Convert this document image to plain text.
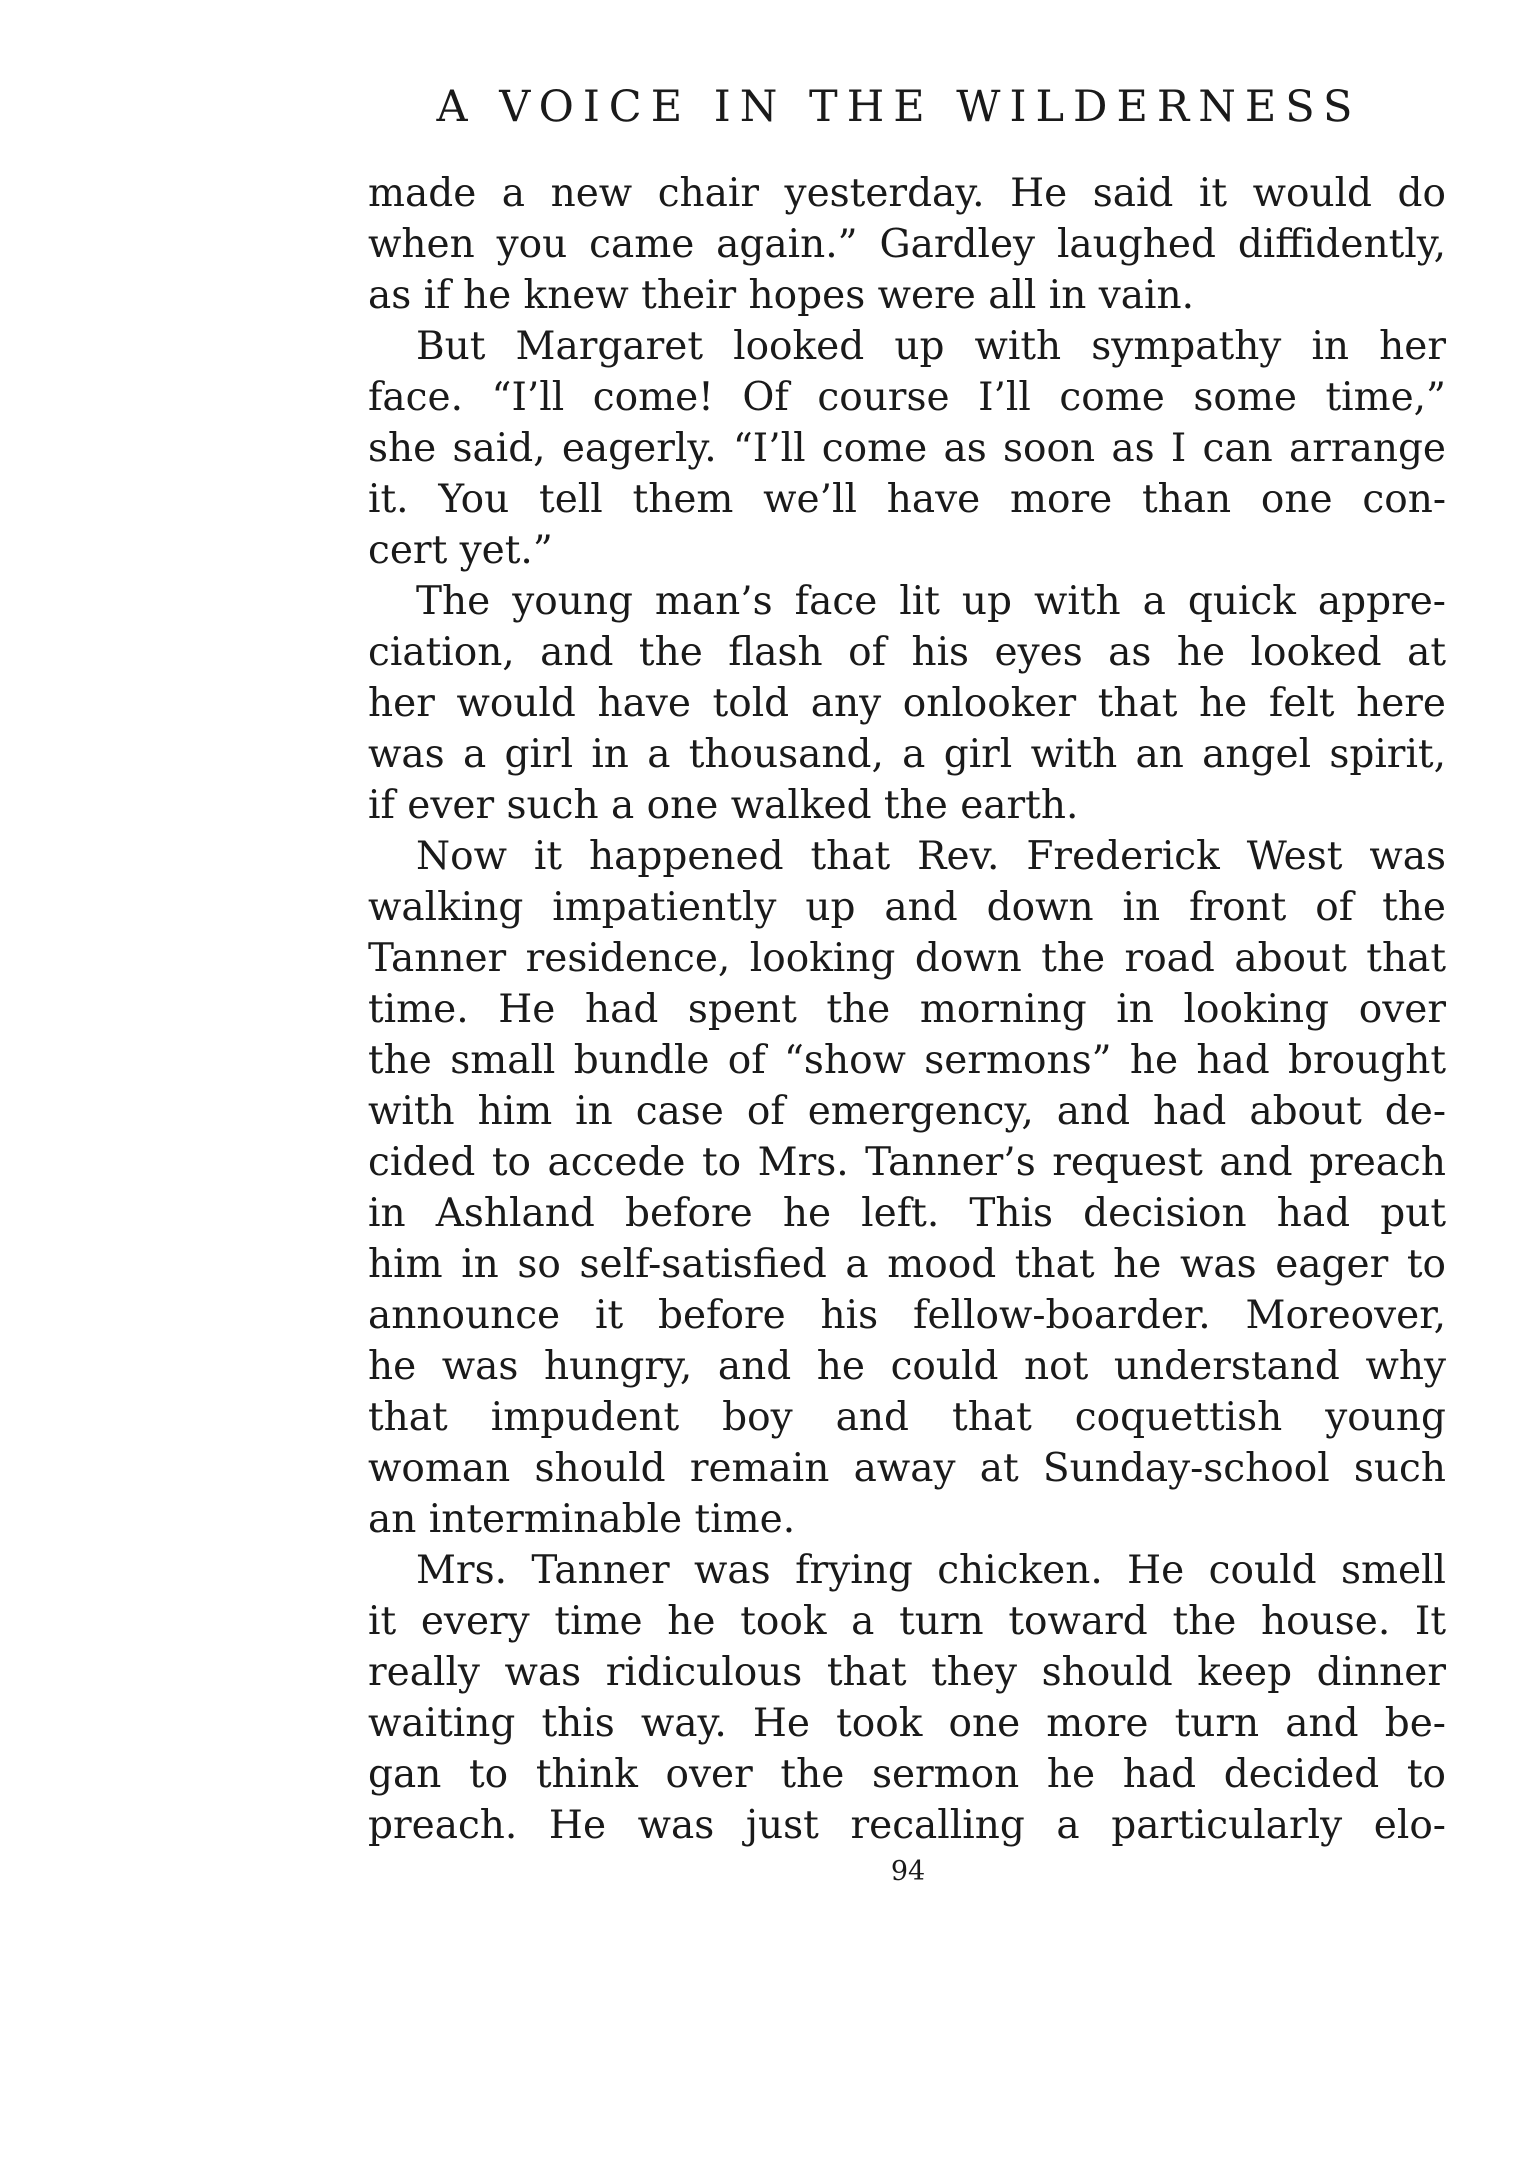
A VOICE IN THE WILDERNESS
made a new chair yesterday. He said it would do
when you came again.” Gardley laughed diffidently,
as if he knew their hopes were all in vain.
But Margaret looked up with sympathy in her
face. “I’ll come! Of course I’ll come some time,”
she said, eagerly. “I’ll come as soon as I can arrange
it. You tell them we’ll have more than one con-
cert yet.”
The young man’s face lit up with a quick appre-
ciation, and the flash of his eyes as he looked at
her would have told any onlooker that he felt here
was a girl in a thousand, a girl with an angel spirit,
if ever such a one walked the earth.
Now it happened that Rev. Frederick West was
walking impatiently up and down in front of the
Tanner residence, looking down the road about that
time. He had spent the morning in looking over
the small bundle of “show sermons” he had brought
with him in case of emergency, and had about de-
cided to accede to Mrs. Tanner’s request and preach
in Ashland before he left. This decision had put
him in so self-satisfied a mood that he was eager to
announce it before his fellow-boarder. Moreover,
he was hungry, and he could not understand why
that impudent boy and that coquettish young
woman should remain away at Sunday-school such
an interminable time.
Mrs. Tanner was frying chicken. He could smell
it every time he took a turn toward the house. It
really was ridiculous that they should keep dinner
waiting this way. He took one more turn and be-
gan to think over the sermon he had decided to
preach. He was just recalling a particularly elo-
94
